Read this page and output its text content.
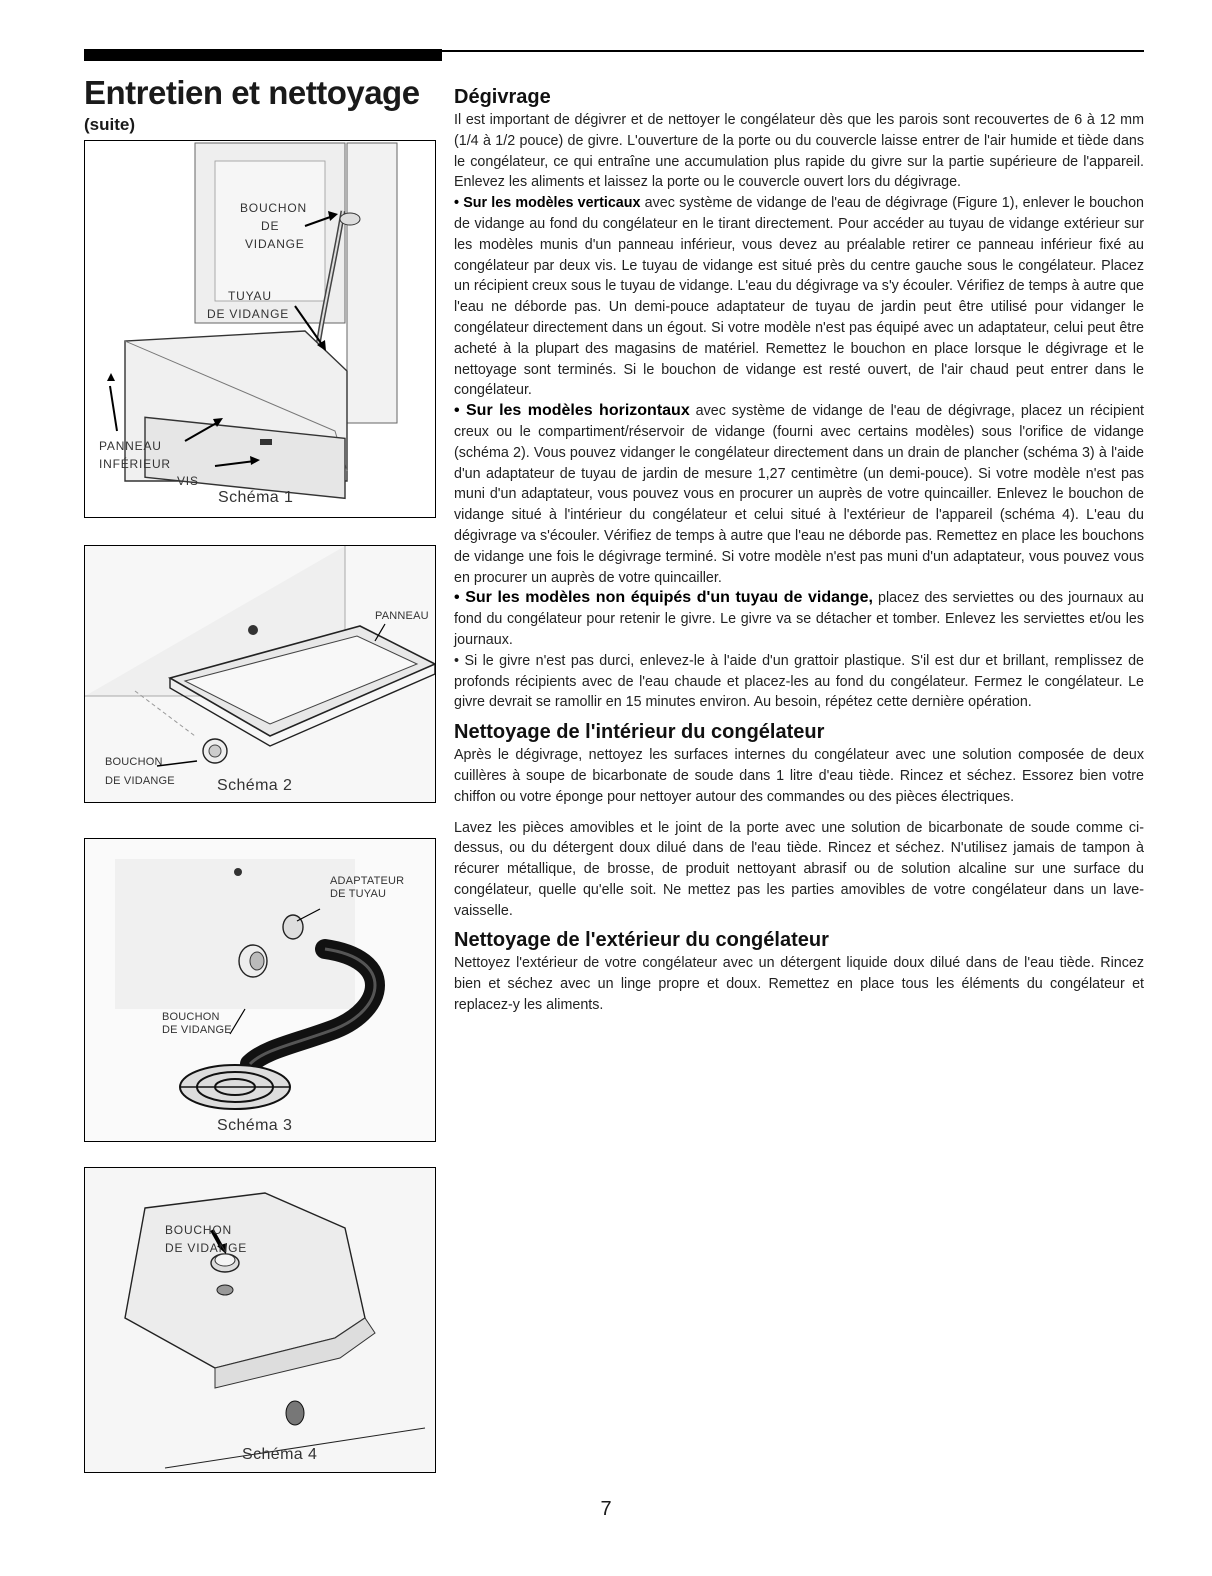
Entretien et nettoyage
(suite)
BOUCHON
DE
VIDANGE
TUYAU
DE VIDANGE
PANNEAU
INFÉRIEUR
VIS
Schéma 1
PANNEAU
BOUCHON
DE VIDANGE	Schéma 2
ADAPTATEUR
DE TUYAU
BOUCHON
DE VIDANGE
Schéma 3
BOUCHON
DE VIDANGE
Schéma 4
Dégivrage

Il est important de dégivrer et de nettoyer le congélateur dès que les parois sont recouvertes de 6 à 12 mm (1/4 à 1/2 pouce) de givre. L'ouverture de la porte ou du couvercle laisse entrer de l'air humide et tiède dans le congélateur, ce qui entraîne une accumulation plus rapide du givre sur la partie supérieure de l'appareil. Enlevez les aliments et laissez la porte ou le couvercle ouvert lors du dégivrage.

• Sur les modèles verticaux avec système de vidange de l'eau de dégivrage (Figure 1), enlever le bouchon de vidange au fond du congélateur en le tirant directement. Pour accéder au tuyau de vidange extérieur sur les modèles munis d'un panneau inférieur, vous devez au préalable retirer ce panneau inférieur fixé au congélateur par deux vis. Le tuyau de vidange est situé près du centre gauche sous le congélateur. Placez un récipient creux sous le tuyau de vidange. L'eau du dégivrage va s'y écouler. Vérifiez de temps à autre que l'eau ne déborde pas. Un demi-pouce adaptateur de tuyau de jardin peut être utilisé pour vidanger le congélateur directement dans un égout. Si votre modèle n'est pas équipé avec un adaptateur, celui peut être acheté à la plupart des magasins de matériel. Remettez le bouchon en place lorsque le dégivrage et le nettoyage sont terminés. Si le bouchon de vidange est resté ouvert, de l'air chaud peut entrer dans le congélateur.

• Sur les modèles horizontaux avec système de vidange de l'eau de dégivrage, placez un récipient creux ou le compartiment/réservoir de vidange (fourni avec certains modèles) sous l'orifice de vidange (schéma 2). Vous pouvez vidanger le congélateur directement dans un drain de plancher (schéma 3) à l'aide d'un adaptateur de tuyau de jardin de mesure 1,27 centimètre (un demi-pouce). Si votre modèle n'est pas muni d'un adaptateur, vous pouvez vous en procurer un auprès de votre quincailler. Enlevez le bouchon de vidange situé à l'intérieur du congélateur et celui situé à l'extérieur de l'appareil (schéma 4). L'eau du dégivrage va s'écouler. Vérifiez de temps à autre que l'eau ne déborde pas. Remettez en place les bouchons de vidange une fois le dégivrage terminé. Si votre modèle n'est pas muni d'un adaptateur, vous pouvez vous en procurer un auprès de votre quincailler.

• Sur les modèles non équipés d'un tuyau de vidange, placez des serviettes ou des journaux au fond du congélateur pour retenir le givre. Le givre va se détacher et tomber. Enlevez les serviettes et/ou les journaux.

• Si le givre n'est pas durci, enlevez-le à l'aide d'un grattoir plastique. S'il est dur et brillant, remplissez de profonds récipients avec de l'eau chaude et placez-les au fond du congélateur. Fermez le congélateur. Le givre devrait se ramollir en 15 minutes environ. Au besoin, répétez cette dernière opération.

Nettoyage de l'intérieur du congélateur

Après le dégivrage, nettoyez les surfaces internes du congélateur avec une solution composée de deux cuillères à soupe de bicarbonate de soude dans 1 litre d'eau tiède. Rincez et séchez. Essorez bien votre chiffon ou votre éponge pour nettoyer autour des commandes ou des pièces électriques.

Lavez les pièces amovibles et le joint de la porte avec une solution de bicarbonate de soude comme ci-dessus, ou du détergent doux dilué dans de l'eau tiède. Rincez et séchez. N'utilisez jamais de tampon à récurer métallique, de brosse, de produit nettoyant abrasif ou de solution alcaline sur une surface du congélateur, quelle qu'elle soit. Ne mettez pas les parties amovibles de votre congélateur dans un lave-vaisselle.

Nettoyage de l'extérieur du congélateur

Nettoyez l'extérieur de votre congélateur avec un détergent liquide doux dilué dans de l'eau tiède. Rincez bien et séchez avec un linge propre et doux. Remettez en place tous les éléments du congélateur et replacez-y les aliments.

7
